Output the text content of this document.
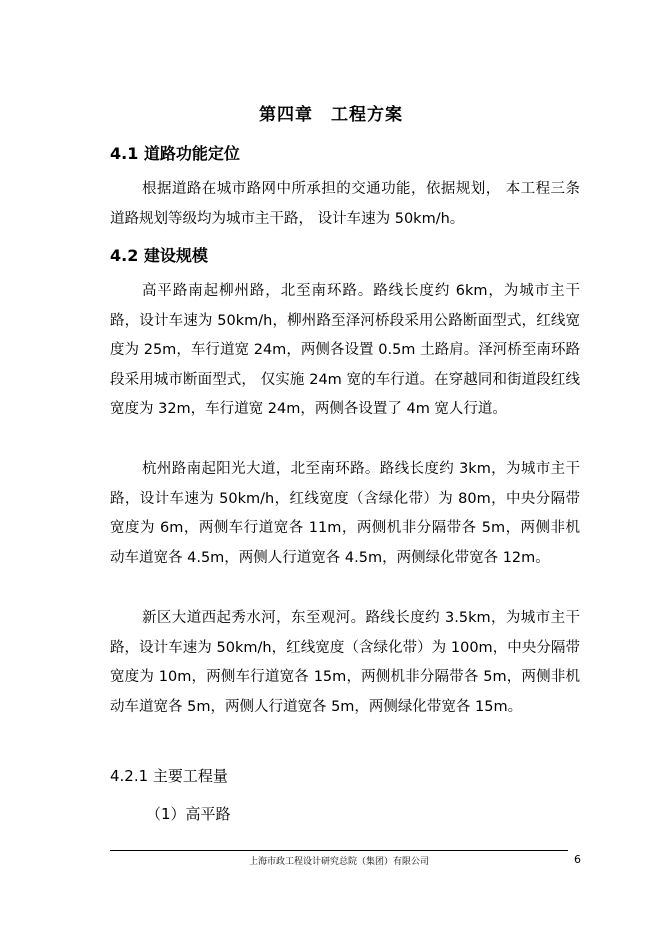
第四章　工程方案
4.1 道路功能定位

根据道路在城市路网中所承担的交通功能，依据规划， 本工程三条道路规划等级均为城市主干路， 设计车速为 50km/h。

4.2 建设规模

高平路南起柳州路，北至南环路。路线长度约 6km，为城市主干路，设计车速为 50km/h，柳州路至泽河桥段采用公路断面型式，红线宽度为 25m，车行道宽 24m，两侧各设置 0.5m 土路肩。泽河桥至南环路段采用城市断面型式， 仅实施 24m 宽的车行道。在穿越同和街道段红线宽度为 32m，车行道宽 24m，两侧各设置了 4m 宽人行道。

杭州路南起阳光大道，北至南环路。路线长度约 3km，为城市主干路，设计车速为 50km/h，红线宽度（含绿化带）为 80m，中央分隔带宽度为 6m，两侧车行道宽各 11m，两侧机非分隔带各 5m，两侧非机动车道宽各 4.5m，两侧人行道宽各 4.5m，两侧绿化带宽各 12m。

新区大道西起秀水河，东至观河。路线长度约 3.5km，为城市主干路，设计车速为 50km/h，红线宽度（含绿化带）为 100m，中央分隔带宽度为 10m，两侧车行道宽各 15m，两侧机非分隔带各 5m，两侧非机动车道宽各 5m，两侧人行道宽各 5m，两侧绿化带宽各 15m。

4.2.1 主要工程量
（1）高平路
上海市政工程设计研究总院（集团）有限公司	6
